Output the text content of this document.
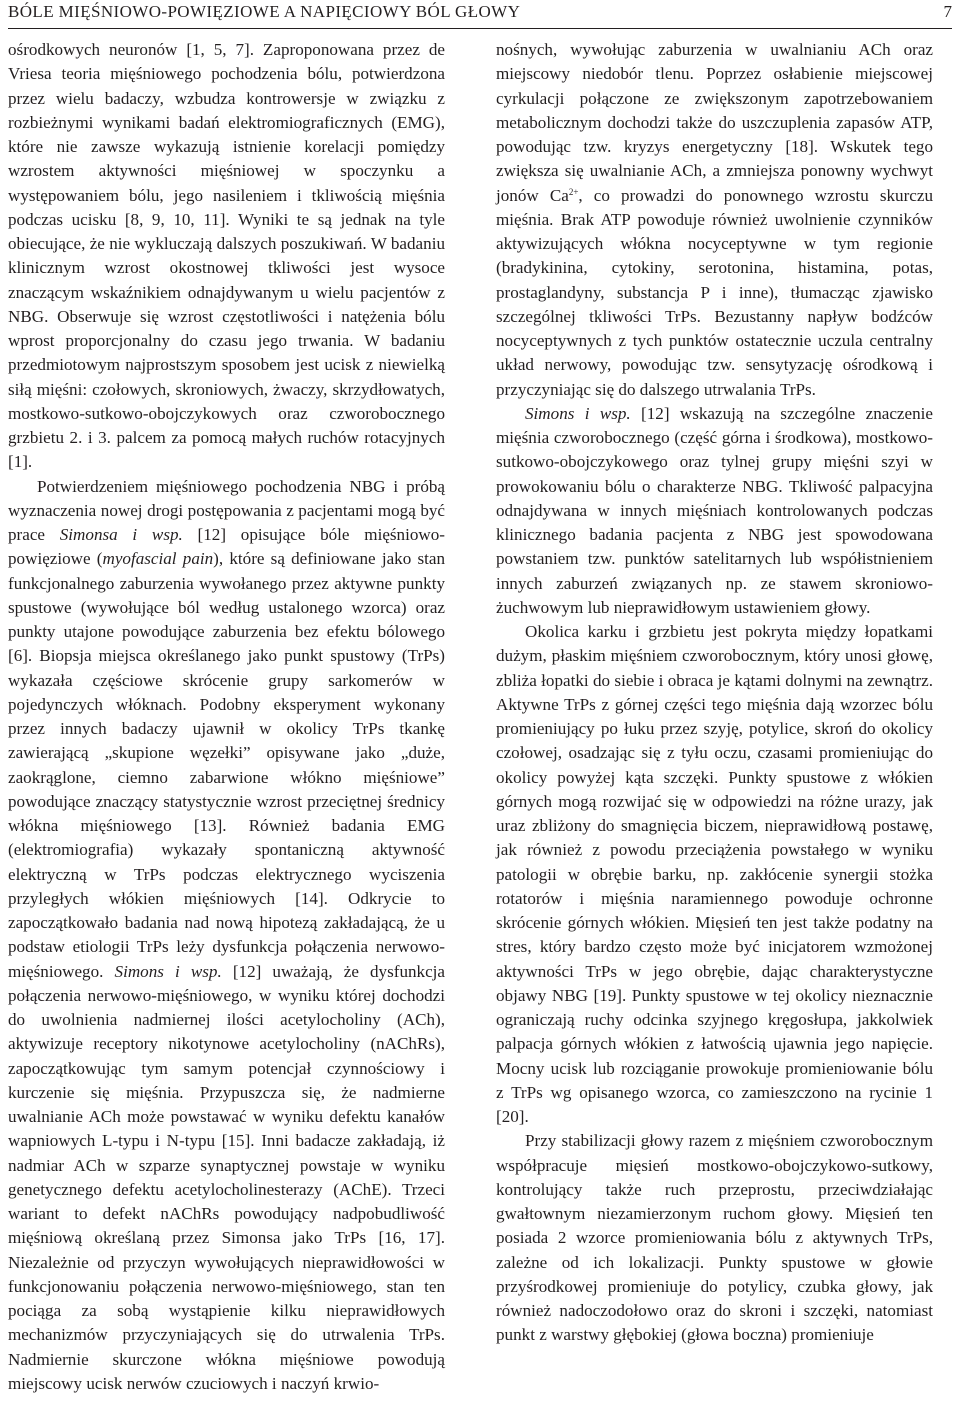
BÓLE MIĘŚNIOWO-POWIĘZIOWE A NAPIĘCIOWY BÓL GŁOWY	7

ośrodkowych neuronów [1, 5, 7]. Zaproponowana przez de Vriesa teoria mięśniowego pochodzenia bólu, potwierdzona przez wielu badaczy, wzbudza kontrowersje w związku z rozbieżnymi wynikami badań elektromiograficznych (EMG), które nie zawsze wykazują istnienie korelacji pomiędzy wzrostem aktywności mięśniowej w spoczynku a występowaniem bólu, jego nasileniem i tkliwością mięśnia podczas ucisku [8, 9, 10, 11]. Wyniki te są jednak na tyle obiecujące, że nie wykluczają dalszych poszukiwań. W badaniu klinicznym wzrost okostnowej tkliwości jest wysoce znaczącym wskaźnikiem odnajdywanym u wielu pacjentów z NBG. Obserwuje się wzrost częstotliwości i natężenia bólu wprost proporcjonalny do czasu jego trwania. W badaniu przedmiotowym najprostszym sposobem jest ucisk z niewielką siłą mięśni: czołowych, skroniowych, żwaczy, skrzydłowatych, mostkowo-sutkowo-obojczykowych oraz czworobocznego grzbietu 2. i 3. palcem za pomocą małych ruchów rotacyjnych [1].

Potwierdzeniem mięśniowego pochodzenia NBG i próbą wyznaczenia nowej drogi postępowania z pacjentami mogą być prace Simonsa i wsp. [12] opisujące bóle mięśniowo-powięziowe (myofascial pain), które są definiowane jako stan funkcjonalnego zaburzenia wywołanego przez aktywne punkty spustowe (wywołujące ból według ustalonego wzorca) oraz punkty utajone powodujące zaburzenia bez efektu bólowego [6]. Biopsja miejsca określanego jako punkt spustowy (TrPs) wykazała częściowe skrócenie grupy sarkomerów w pojedynczych włóknach. Podobny eksperyment wykonany przez innych badaczy ujawnił w okolicy TrPs tkankę zawierającą „skupione węzełki” opisywane jako „duże, zaokrąglone, ciemno zabarwione włókno mięśniowe” powodujące znaczący statystycznie wzrost przeciętnej średnicy włókna mięśniowego [13]. Również badania EMG (elektromiografia) wykazały spontaniczną aktywność elektryczną w TrPs podczas elektrycznego wyciszenia przyległych włókien mięśniowych [14]. Odkrycie to zapoczątkowało badania nad nową hipotezą zakładającą, że u podstaw etiologii TrPs leży dysfunkcja połączenia nerwowo-mięśniowego. Simons i wsp. [12] uważają, że dysfunkcja połączenia nerwowo-mięśniowego, w wyniku której dochodzi do uwolnienia nadmiernej ilości acetylocholiny (ACh), aktywizuje receptory nikotynowe acetylocholiny (nAChRs), zapoczątkowując tym samym potencjał czynnościowy i kurczenie się mięśnia. Przypuszcza się, że nadmierne uwalnianie ACh może powstawać w wyniku defektu kanałów wapniowych L-typu i N-typu [15]. Inni badacze zakładają, iż nadmiar ACh w szparze synaptycznej powstaje w wyniku genetycznego defektu acetylocholinesterazy (AChE). Trzeci wariant to defekt nAChRs powodujący nadpobudliwość mięśniową określaną przez Simonsa jako TrPs [16, 17]. Niezależnie od przyczyn wywołujących nieprawidłowości w funkcjonowaniu połączenia nerwowo-mięśniowego, stan ten pociąga za sobą wystąpienie kilku nieprawidłowych mechanizmów przyczyniających się do utrwalenia TrPs. Nadmiernie skurczone włókna mięśniowe powodują miejscowy ucisk nerwów czuciowych i naczyń krwio-

nośnych, wywołując zaburzenia w uwalnianiu ACh oraz miejscowy niedobór tlenu. Poprzez osłabienie miejscowej cyrkulacji połączone ze zwiększonym zapotrzebowaniem metabolicznym dochodzi także do uszczuplenia zapasów ATP, powodując tzw. kryzys energetyczny [18]. Wskutek tego zwiększa się uwalnianie ACh, a zmniejsza ponowny wychwyt jonów $Ca^{2+}$, co prowadzi do ponownego wzrostu skurczu mięśnia. Brak ATP powoduje również uwolnienie czynników aktywizujących włókna nocyceptywne w tym regionie (bradykinina, cytokiny, serotonina, histamina, potas, prostaglandyny, substancja P i inne), tłumacząc zjawisko szczególnej tkliwości TrPs. Bezustanny napływ bodźców nocyceptywnych z tych punktów ostatecznie uczula centralny układ nerwowy, powodując tzw. sensytyzację ośrodkową i przyczyniając się do dalszego utrwalania TrPs.

Simons i wsp. [12] wskazują na szczególne znaczenie mięśnia czworobocznego (część górna i środkowa), mostkowo-sutkowo-obojczykowego oraz tylnej grupy mięśni szyi w prowokowaniu bólu o charakterze NBG. Tkliwość palpacyjna odnajdywana w innych mięśniach kontrolowanych podczas klinicznego badania pacjenta z NBG jest spowodowana powstaniem tzw. punktów satelitarnych lub współistnieniem innych zaburzeń związanych np. ze stawem skroniowo-żuchwowym lub nieprawidłowym ustawieniem głowy.

Okolica karku i grzbietu jest pokryta między łopatkami dużym, płaskim mięśniem czworobocznym, który unosi głowę, zbliża łopatki do siebie i obraca je kątami dolnymi na zewnątrz. Aktywne TrPs z górnej części tego mięśnia dają wzorzec bólu promieniujący po łuku przez szyję, potylice, skroń do okolicy czołowej, osadzając się z tyłu oczu, czasami promieniując do okolicy powyżej kąta szczęki. Punkty spustowe z włókien górnych mogą rozwijać się w odpowiedzi na różne urazy, jak uraz zbliżony do smagnięcia biczem, nieprawidłową postawę, jak również z powodu przeciążenia powstałego w wyniku patologii w obrębie barku, np. zakłócenie synergii stożka rotatorów i mięśnia naramiennego powoduje ochronne skrócenie górnych włókien. Mięsień ten jest także podatny na stres, który bardzo często może być inicjatorem wzmożonej aktywności TrPs w jego obrębie, dając charakterystyczne objawy NBG [19]. Punkty spustowe w tej okolicy nieznacznie ograniczają ruchy odcinka szyjnego kręgosłupa, jakkolwiek palpacja górnych włókien z łatwością ujawnia jego napięcie. Mocny ucisk lub rozciąganie prowokuje promieniowanie bólu z TrPs wg opisanego wzorca, co zamieszczono na rycinie 1 [20].

Przy stabilizacji głowy razem z mięśniem czworobocznym współpracuje mięsień mostkowo-obojczykowo-sutkowy, kontrolujący także ruch przeprostu, przeciwdziałając gwałtownym niezamierzonym ruchom głowy. Mięsień ten posiada 2 wzorce promieniowania bólu z aktywnych TrPs, zależne od ich lokalizacji. Punkty spustowe w głowie przyśrodkowej promieniuje do potylicy, czubka głowy, jak również nadoczodołowo oraz do skroni i szczęki, natomiast punkt z warstwy głębokiej (głowa boczna) promieniuje
